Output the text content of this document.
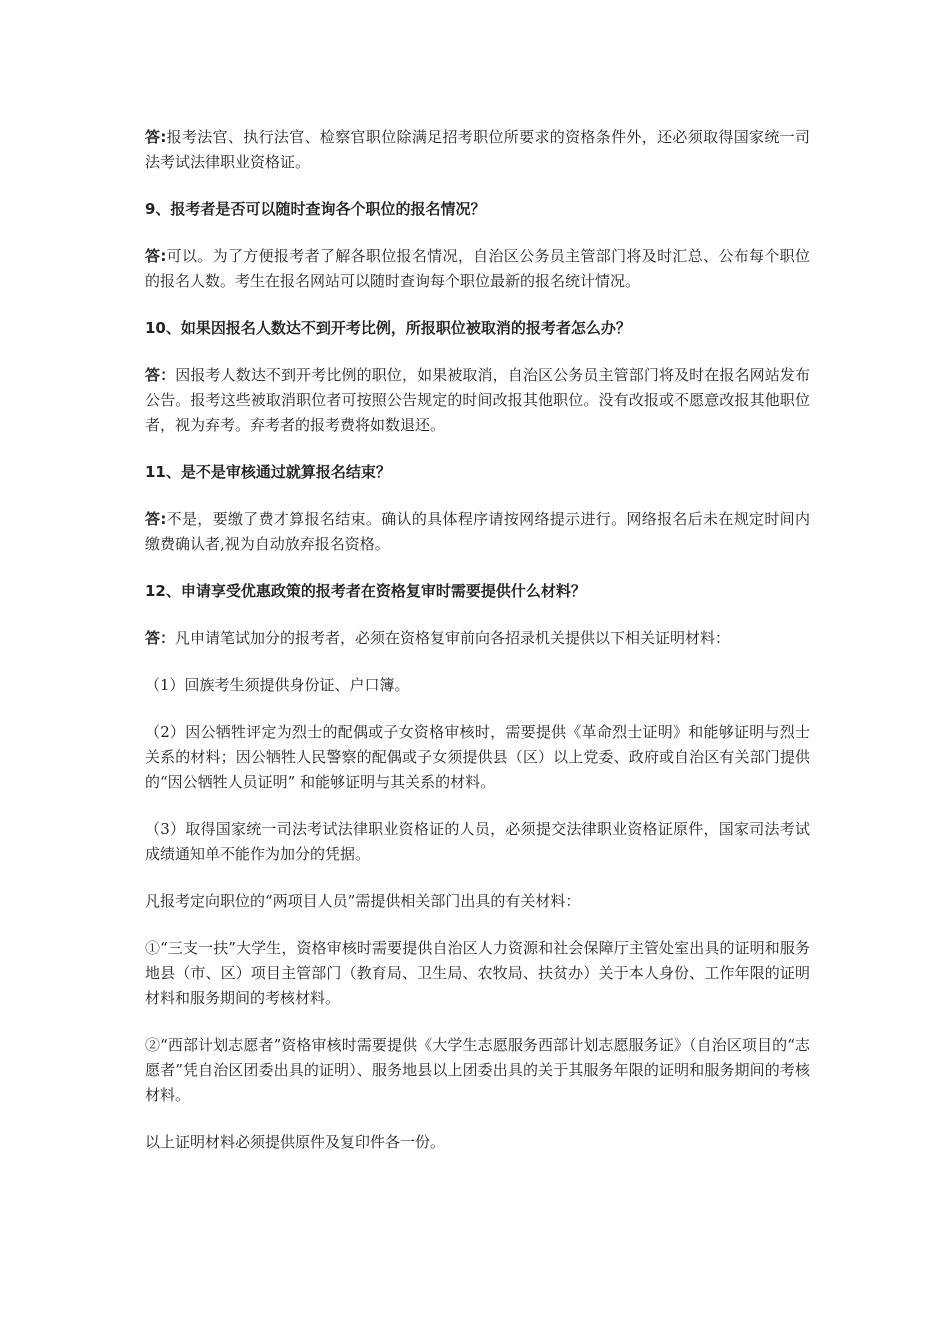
答:报考法官、执行法官、检察官职位除满足招考职位所要求的资格条件外，还必须取得国家统一司法考试法律职业资格证。

9、报考者是否可以随时查询各个职位的报名情况？

答:可以。为了方便报考者了解各职位报名情况，自治区公务员主管部门将及时汇总、公布每个职位的报名人数。考生在报名网站可以随时查询每个职位最新的报名统计情况。

10、如果因报名人数达不到开考比例，所报职位被取消的报考者怎么办？

答：因报考人数达不到开考比例的职位，如果被取消，自治区公务员主管部门将及时在报名网站发布公告。报考这些被取消职位者可按照公告规定的时间改报其他职位。没有改报或不愿意改报其他职位者，视为弃考。弃考者的报考费将如数退还。

11、是不是审核通过就算报名结束？

答:不是，要缴了费才算报名结束。确认的具体程序请按网络提示进行。网络报名后未在规定时间内缴费确认者,视为自动放弃报名资格。

12、申请享受优惠政策的报考者在资格复审时需要提供什么材料？

答：凡申请笔试加分的报考者，必须在资格复审前向各招录机关提供以下相关证明材料：

（1）回族考生须提供身份证、户口簿。

（2）因公牺牲评定为烈士的配偶或子女资格审核时，需要提供《革命烈士证明》和能够证明与烈士关系的材料；因公牺牲人民警察的配偶或子女须提供县（区）以上党委、政府或自治区有关部门提供的“因公牺牲人员证明” 和能够证明与其关系的材料。

（3）取得国家统一司法考试法律职业资格证的人员，必须提交法律职业资格证原件，国家司法考试成绩通知单不能作为加分的凭据。

凡报考定向职位的“两项目人员”需提供相关部门出具的有关材料：

①“三支一扶”大学生，资格审核时需要提供自治区人力资源和社会保障厅主管处室出具的证明和服务地县（市、区）项目主管部门（教育局、卫生局、农牧局、扶贫办）关于本人身份、工作年限的证明材料和服务期间的考核材料。

②“西部计划志愿者”资格审核时需要提供《大学生志愿服务西部计划志愿服务证》（自治区项目的“志愿者”凭自治区团委出具的证明）、服务地县以上团委出具的关于其服务年限的证明和服务期间的考核材料。

以上证明材料必须提供原件及复印件各一份。
